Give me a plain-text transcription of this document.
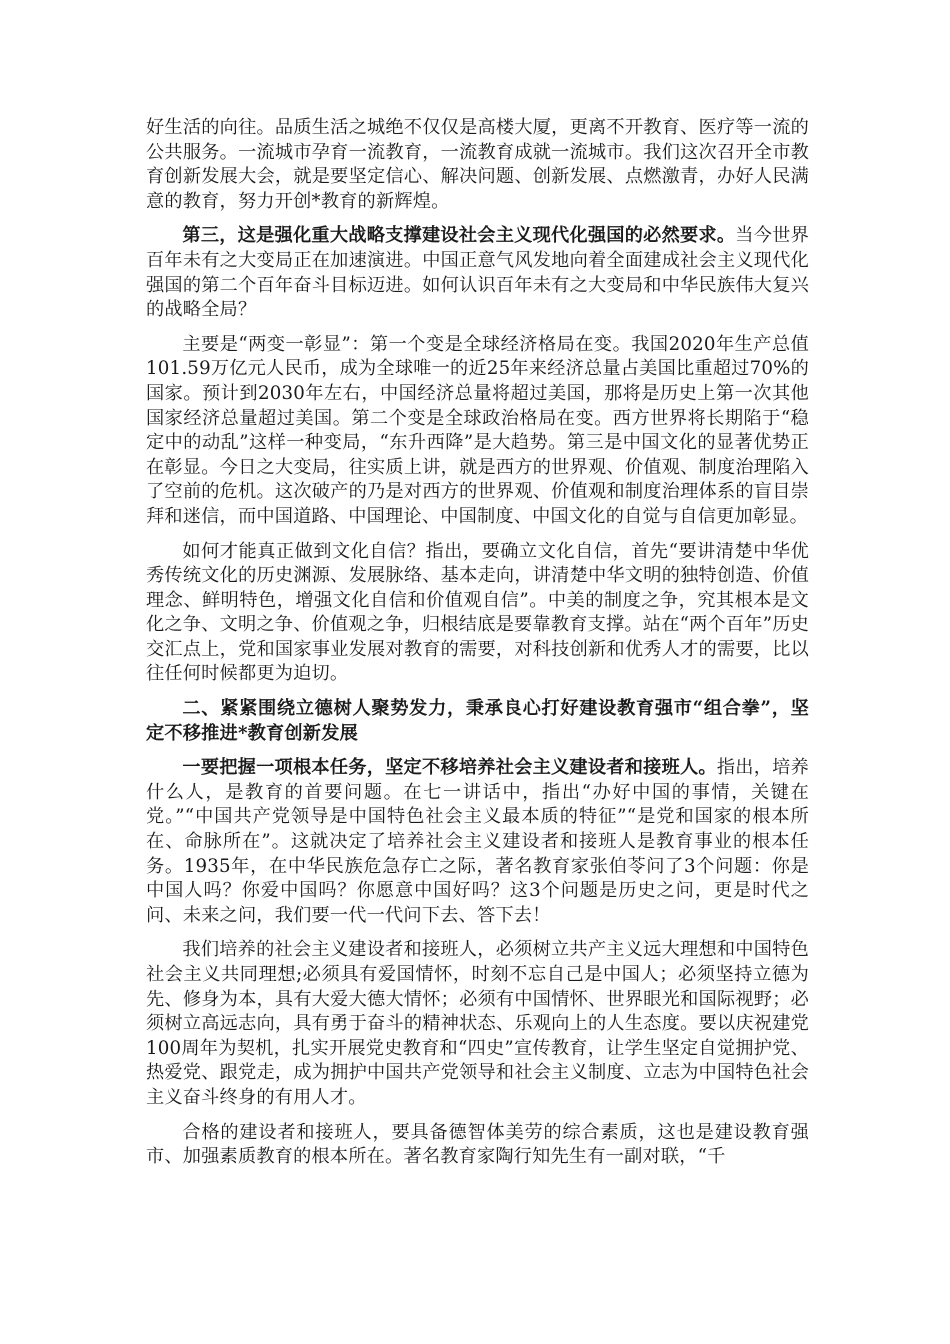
好生活的向往。品质生活之城绝不仅仅是高楼大厦，更离不开教育、医疗等一流的公共服务。一流城市孕育一流教育，一流教育成就一流城市。我们这次召开全市教育创新发展大会，就是要坚定信心、解决问题、创新发展、点燃激青，办好人民满意的教育，努力开创*教育的新辉煌。

第三，这是强化重大战略支撑建设社会主义现代化强国的必然要求。当今世界百年未有之大变局正在加速演进。中国正意气风发地向着全面建成社会主义现代化强国的第二个百年奋斗目标迈进。如何认识百年未有之大变局和中华民族伟大复兴的战略全局？

主要是“两变一彰显”：第一个变是全球经济格局在变。我国2020年生产总值101.59万亿元人民币，成为全球唯一的近25年来经济总量占美国比重超过70%的国家。预计到2030年左右，中国经济总量将超过美国，那将是历史上第一次其他国家经济总量超过美国。第二个变是全球政治格局在变。西方世界将长期陷于“稳定中的动乱”这样一种变局，“东升西降”是大趋势。第三是中国文化的显著优势正在彰显。今日之大变局，往实质上讲，就是西方的世界观、价值观、制度治理陷入了空前的危机。这次破产的乃是对西方的世界观、价值观和制度治理体系的盲目崇拜和迷信，而中国道路、中国理论、中国制度、中国文化的自觉与自信更加彰显。

如何才能真正做到文化自信？指出，要确立文化自信，首先“要讲清楚中华优秀传统文化的历史渊源、发展脉络、基本走向，讲清楚中华文明的独特创造、价值理念、鲜明特色，增强文化自信和价值观自信”。中美的制度之争，究其根本是文化之争、文明之争、价值观之争，归根结底是要靠教育支撑。站在“两个百年”历史交汇点上，党和国家事业发展对教育的需要，对科技创新和优秀人才的需要，比以往任何时候都更为迫切。

二、紧紧围绕立德树人聚势发力，秉承良心打好建设教育强市“组合拳”，坚定不移推进*教育创新发展

一要把握一项根本任务，坚定不移培养社会主义建设者和接班人。指出，培养什么人，是教育的首要问题。在七一讲话中，指出“办好中国的事情，关键在党。”“中国共产党领导是中国特色社会主义最本质的特征”“是党和国家的根本所在、命脉所在”。这就决定了培养社会主义建设者和接班人是教育事业的根本任务。1935年，在中华民族危急存亡之际，著名教育家张伯苓问了3个问题：你是中国人吗？你爱中国吗？你愿意中国好吗？这3个问题是历史之问，更是时代之问、未来之问，我们要一代一代问下去、答下去！

我们培养的社会主义建设者和接班人，必须树立共产主义远大理想和中国特色社会主义共同理想;必须具有爱国情怀，时刻不忘自己是中国人；必须坚持立德为先、修身为本，具有大爱大德大情怀；必须有中国情怀、世界眼光和国际视野；必须树立高远志向，具有勇于奋斗的精神状态、乐观向上的人生态度。要以庆祝建党100周年为契机，扎实开展党史教育和“四史”宣传教育，让学生坚定自觉拥护党、热爱党、跟党走，成为拥护中国共产党领导和社会主义制度、立志为中国特色社会主义奋斗终身的有用人才。

合格的建设者和接班人，要具备德智体美劳的综合素质，这也是建设教育强市、加强素质教育的根本所在。著名教育家陶行知先生有一副对联，“千
